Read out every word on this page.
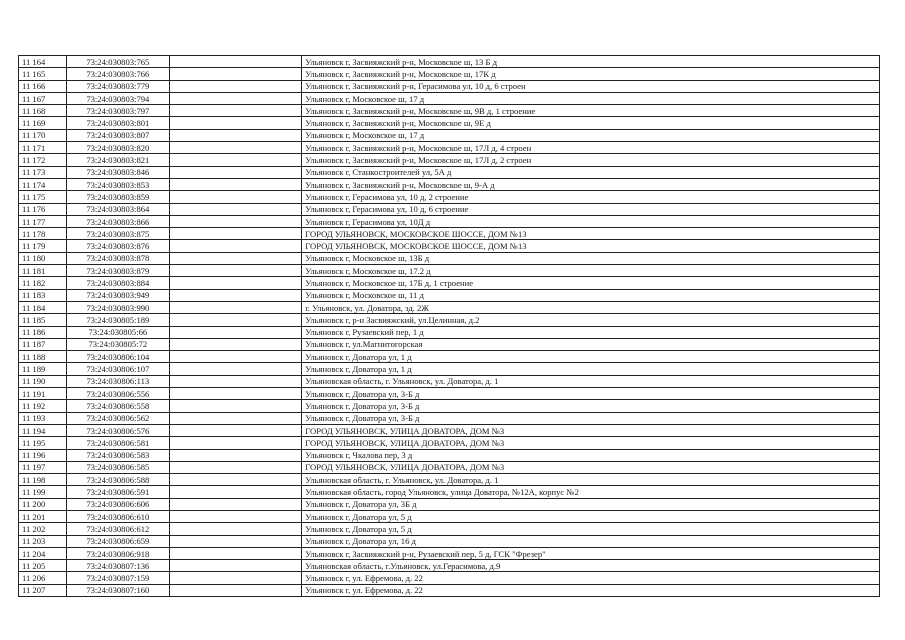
11 164	73:24:030803:765		Ульяновск г, Засвияжский р-н, Московское ш, 13 Б д
11 165	73:24:030803:766		Ульяновск г, Засвияжский р-н, Московское ш, 17К д
11 166	73:24:030803:779		Ульяновск г, Засвияжский р-н, Герасимова ул, 10 д, 6 строен
11 167	73:24:030803:794		Ульяновск г, Московское ш, 17 д
11 168	73:24:030803:797		Ульяновск г, Засвияжский р-н, Московское ш, 9В д, 1 строение
11 169	73:24:030803:801		Ульяновск г, Засвияжский р-н, Московское ш, 9Е д
11 170	73:24:030803:807		Ульяновск г, Московское ш, 17 д
11 171	73:24:030803:820		Ульяновск г, Засвияжский р-н, Московское ш, 17Л д, 4 строен
11 172	73:24:030803:821		Ульяновск г, Засвияжский р-н, Московское ш, 17Л д, 2 строен
11 173	73:24:030803:846		Ульяновск г, Станкостроителей ул, 5А д
11 174	73:24:030803:853		Ульяновск г, Засвияжский р-н, Московское ш, 9-А д
11 175	73:24:030803:859		Ульяновск г, Герасимова ул, 10 д, 2 строение
11 176	73:24:030803:864		Ульяновск г, Герасимова ул, 10 д, 6 строение
11 177	73:24:030803:866		Ульяновск г, Герасимова ул, 10Д д
11 178	73:24:030803:875		ГОРОД УЛЬЯНОВСК, МОСКОВСКОЕ ШОССЕ, ДОМ №13
11 179	73:24:030803:876		ГОРОД УЛЬЯНОВСК, МОСКОВСКОЕ ШОССЕ, ДОМ №13
11 180	73:24:030803:878		Ульяновск г, Московское ш, 13Б д
11 181	73:24:030803:879		Ульяновск г, Московское ш, 17.2 д
11 182	73:24:030803:884		Ульяновск г, Московское ш, 17Б д, 1 строение
11 183	73:24:030803:949		Ульяновск г, Московское ш, 11 д
11 184	73:24:030803:990		г. Ульяновск, ул. Доватора, зд. 2Ж
11 185	73:24:030805:189		Ульяновск г, р-н Засвияжский, ул.Целинная, д.2
11 186	73:24:030805:66		Ульяновск г, Рузаевский пер, 1 д
11 187	73:24:030805:72		Ульяновск г, ул.Магнитогорская
11 188	73:24:030806:104		Ульяновск г, Доватора ул, 1 д
11 189	73:24:030806:107		Ульяновск г, Доватора ул, 1 д
11 190	73:24:030806:113		Ульяновская область, г. Ульяновск, ул. Доватора, д. 1
11 191	73:24:030806:556		Ульяновск г, Доватора ул, 3-Б д
11 192	73:24:030806:558		Ульяновск г, Доватора ул, 3-Б д
11 193	73:24:030806:562		Ульяновск г, Доватора ул, 3-Б д
11 194	73:24:030806:576		ГОРОД УЛЬЯНОВСК, УЛИЦА ДОВАТОРА, ДОМ №3
11 195	73:24:030806:581		ГОРОД УЛЬЯНОВСК, УЛИЦА ДОВАТОРА, ДОМ №3
11 196	73:24:030806:583		Ульяновск г, Чкалова пер, 3 д
11 197	73:24:030806:585		ГОРОД УЛЬЯНОВСК, УЛИЦА ДОВАТОРА, ДОМ №3
11 198	73:24:030806:588		Ульяновская область, г. Ульяновск, ул. Доватора, д. 1
11 199	73:24:030806:591		Ульяновская область, город Ульяновск, улица Доватора, №12А, корпус №2
11 200	73:24:030806:606		Ульяновск г, Доватора ул, 3Б д
11 201	73:24:030806:610		Ульяновск г, Доватора ул, 5 д
11 202	73:24:030806:612		Ульяновск г, Доватора ул, 5 д
11 203	73:24:030806:659		Ульяновск г, Доватора ул, 16 д
11 204	73:24:030806:918		Ульяновск г, Засвияжский р-н, Рузаевский пер, 5 д, ГСК "Фрезер"
11 205	73:24:030807:136		Ульяновская область, г.Ульяновск, ул.Герасимова, д.9
11 206	73:24:030807:159		Ульяновск г, ул. Ефремова, д. 22
11 207	73:24:030807:160		Ульяновск г, ул. Ефремова, д. 22
